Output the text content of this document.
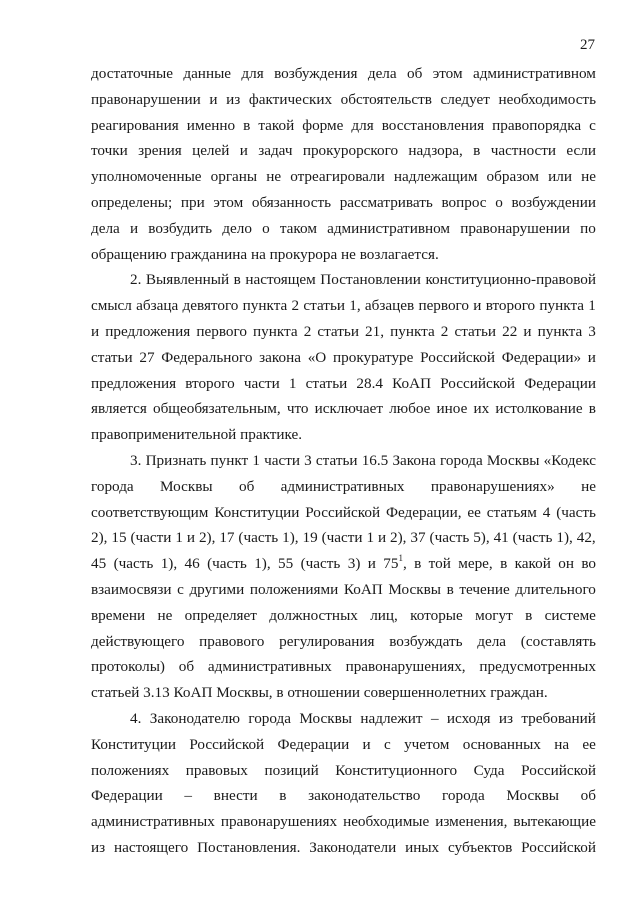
27
достаточные данные для возбуждения дела об этом административном
правонарушении и из фактических обстоятельств следует необходимость
реагирования именно в такой форме для восстановления правопорядка с
точки зрения целей и задач прокурорского надзора, в частности если
уполномоченные органы не отреагировали надлежащим образом или не
определены; при этом обязанность рассматривать вопрос о возбуждении
дела и возбудить дело о таком административном правонарушении по
обращению гражданина на прокурора не возлагается.
2. Выявленный в настоящем Постановлении конституционно-правовой
смысл абзаца девятого пункта 2 статьи 1, абзацев первого и второго пункта 1
и предложения первого пункта 2 статьи 21, пункта 2 статьи 22 и пункта 3
статьи 27 Федерального закона «О прокуратуре Российской Федерации» и
предложения второго части 1 статьи 28.4 КоАП Российской Федерации
является общеобязательным, что исключает любое иное их истолкование в
правоприменительной практике.
3. Признать пункт 1 части 3 статьи 16.5 Закона города Москвы «Кодекс
города Москвы об административных правонарушениях» не
соответствующим Конституции Российской Федерации, ее статьям 4 (часть
2), 15 (части 1 и 2), 17 (часть 1), 19 (части 1 и 2), 37 (часть 5), 41 (часть 1), 42,
45 (часть 1), 46 (часть 1), 55 (часть 3) и $75^1$, в той мере, в какой он во
взаимосвязи с другими положениями КоАП Москвы в течение длительного
времени не определяет должностных лиц, которые могут в системе
действующего правового регулирования возбуждать дела (составлять
протоколы) об административных правонарушениях, предусмотренных
статьей 3.13 КоАП Москвы, в отношении совершеннолетних граждан.
4. Законодателю города Москвы надлежит – исходя из требований
Конституции Российской Федерации и с учетом основанных на ее
положениях правовых позиций Конституционного Суда Российской
Федерации – внести в законодательство города Москвы об
административных правонарушениях необходимые изменения, вытекающие
из настоящего Постановления. Законодатели иных субъектов Российской
